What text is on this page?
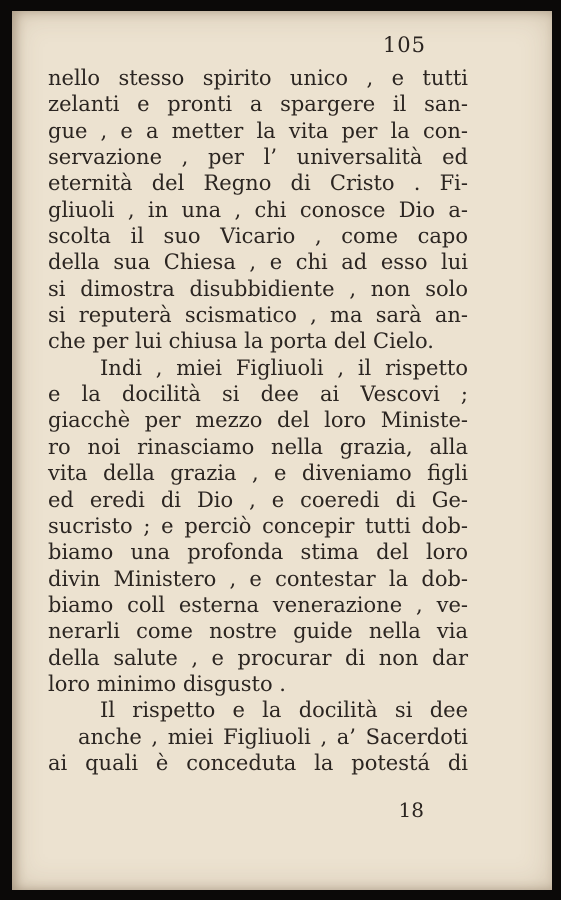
105
nello stesso spirito unico , e tutti
zelanti e pronti a spargere il san-
gue , e a metter la vita per la con-
servazione , per l’ universalità ed
eternità del Regno di Cristo . Fi-
gliuoli , in una , chi conosce Dio a-
scolta il suo Vicario , come capo
della sua Chiesa , e chi ad esso lui
si dimostra disubbidiente , non solo
si reputerà scismatico , ma sarà an-
che per lui chiusa la porta del Cielo.
Indi , miei Figliuoli , il rispetto
e la docilità si dee ai Vescovi ;
giacchè per mezzo del loro Ministe-
ro noi rinasciamo nella grazia, alla
vita della grazia , e diveniamo figli
ed eredi di Dio , e coeredi di Ge-
sucristo ; e perciò concepir tutti dob-
biamo una profonda stima del loro
divin Ministero , e contestar la dob-
biamo coll esterna venerazione , ve-
nerarli come nostre guide nella via
della salute , e procurar di non dar
loro minimo disgusto .
Il rispetto e la docilità si dee
anche , miei Figliuoli , a’ Sacerdoti
ai quali è conceduta la potestá di
18
